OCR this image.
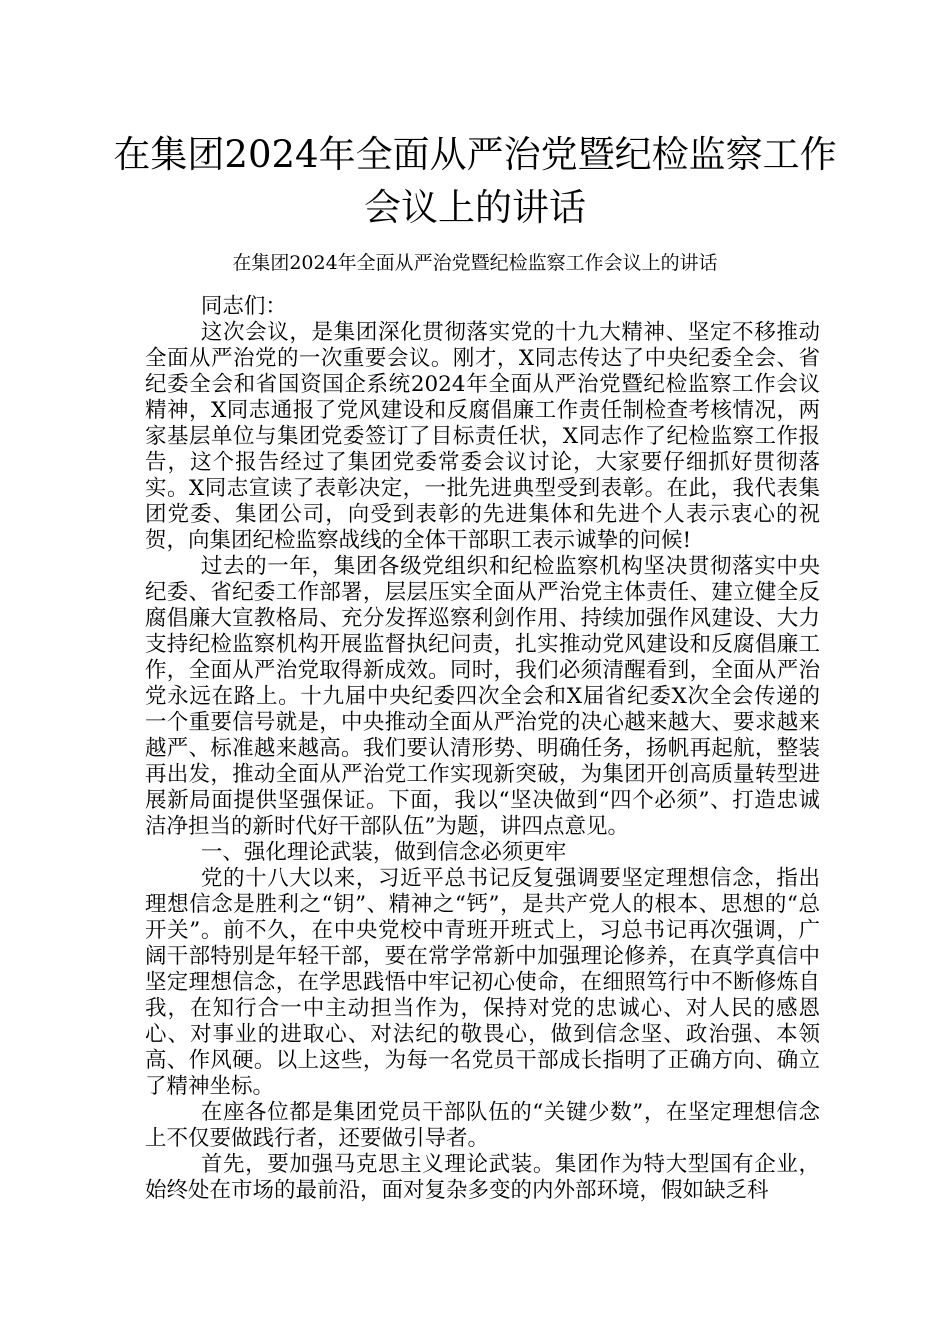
在集团2024年全面从严治党暨纪检监察工作会议上的讲话
在集团2024年全面从严治党暨纪检监察工作会议上的讲话

同志们：

这次会议，是集团深化贯彻落实党的十九大精神、坚定不移推动全面从严治党的一次重要会议。刚才，X同志传达了中央纪委全会、省纪委全会和省国资国企系统2024年全面从严治党暨纪检监察工作会议精神，X同志通报了党风建设和反腐倡廉工作责任制检查考核情况，两家基层单位与集团党委签订了目标责任状，X同志作了纪检监察工作报告，这个报告经过了集团党委常委会议讨论，大家要仔细抓好贯彻落实。X同志宣读了表彰决定，一批先进典型受到表彰。在此，我代表集团党委、集团公司，向受到表彰的先进集体和先进个人表示衷心的祝贺，向集团纪检监察战线的全体干部职工表示诚挚的问候!

过去的一年，集团各级党组织和纪检监察机构坚决贯彻落实中央纪委、省纪委工作部署，层层压实全面从严治党主体责任、建立健全反腐倡廉大宣教格局、充分发挥巡察利剑作用、持续加强作风建设、大力支持纪检监察机构开展监督执纪问责，扎实推动党风建设和反腐倡廉工作，全面从严治党取得新成效。同时，我们必须清醒看到，全面从严治党永远在路上。十九届中央纪委四次全会和X届省纪委X次全会传递的一个重要信号就是，中央推动全面从严治党的决心越来越大、要求越来越严、标准越来越高。我们要认清形势、明确任务，扬帆再起航，整装再出发，推动全面从严治党工作实现新突破，为集团开创高质量转型进展新局面提供坚强保证。下面，我以“坚决做到“四个必须”、打造忠诚洁净担当的新时代好干部队伍”为题，讲四点意见。

一、强化理论武装，做到信念必须更牢

党的十八大以来，习近平总书记反复强调要坚定理想信念，指出理想信念是胜利之“钥”、精神之“钙”，是共产党人的根本、思想的“总开关”。前不久，在中央党校中青班开班式上，习总书记再次强调，广阔干部特别是年轻干部，要在常学常新中加强理论修养，在真学真信中坚定理想信念，在学思践悟中牢记初心使命，在细照笃行中不断修炼自我，在知行合一中主动担当作为，保持对党的忠诚心、对人民的感恩心、对事业的进取心、对法纪的敬畏心，做到信念坚、政治强、本领高、作风硬。以上这些，为每一名党员干部成长指明了正确方向、确立了精神坐标。

在座各位都是集团党员干部队伍的“关键少数”，在坚定理想信念上不仅要做践行者，还要做引导者。

首先，要加强马克思主义理论武装。集团作为特大型国有企业，始终处在市场的最前沿，面对复杂多变的内外部环境，假如缺乏科
